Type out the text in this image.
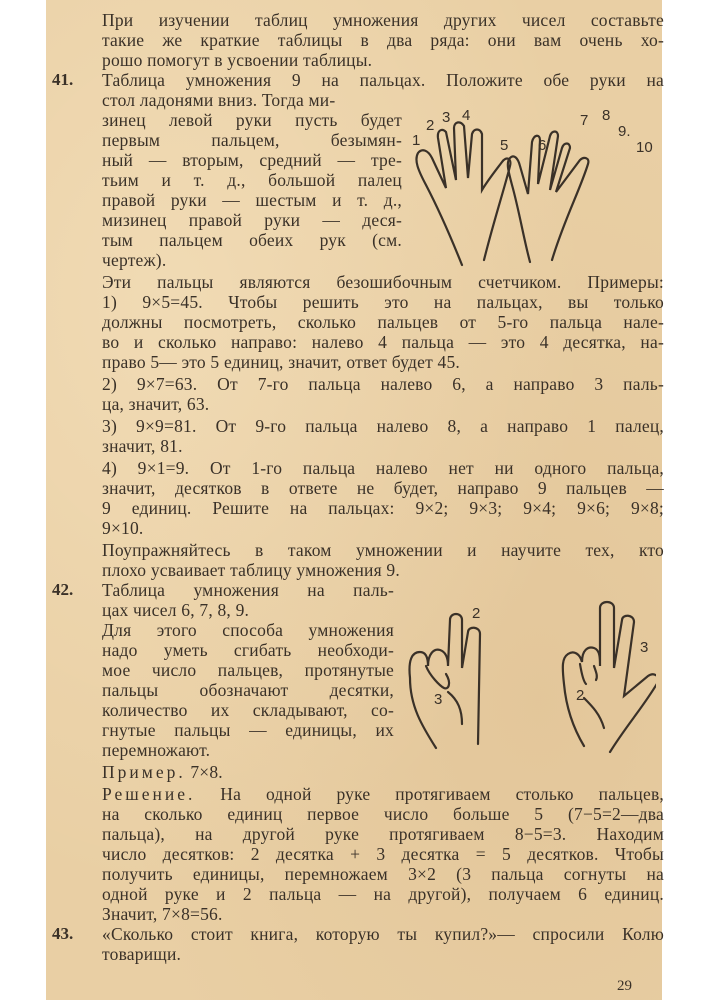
При изучении таблиц умножения других чисел составьте
такие же краткие таблицы в два ряда: они вам очень хо-
рошо помогут в усвоении таблицы.
41. Таблица умножения 9 на пальцах. Положите обе руки на
стол ладонями вниз. Тогда ми-
зинец левой руки пусть будет
первым пальцем, безымян-
ный — вторым, средний — тре-
тьим и т. д., большой палец
правой руки — шестым и т. д.,
мизинец правой руки — деся-
тым пальцем обеих рук (см.
чертеж).
1
2 3 4
5 6
7 8
9.
10
Эти пальцы являются безошибочным счетчиком. Примеры:
1) 9×5=45. Чтобы решить это на пальцах, вы только
должны посмотреть, сколько пальцев от 5-го пальца нале-
во и сколько направо: налево 4 пальца — это 4 десятка, на-
право 5— это 5 единиц, значит, ответ будет 45.
2) 9×7=63. От 7-го пальца налево 6, а направо 3 паль-
ца, значит, 63.
3) 9×9=81. От 9-го пальца налево 8, а направо 1 палец,
значит, 81.
4) 9×1=9. От 1-го пальца налево нет ни одного пальца,
значит, десятков в ответе не будет, направо 9 пальцев —
9 единиц. Решите на пальцах: 9×2; 9×3; 9×4; 9×6; 9×8;
9×10.
Поупражняйтесь в таком умножении и научите тех, кто
плохо усваивает таблицу умножения 9.
42. Таблица умножения на паль-
цах чисел 6, 7, 8, 9.
Для этого способа умножения
надо уметь сгибать необходи-
мое число пальцев, протянутые
пальцы обозначают десятки,
количество их складывают, со-
гнутые пальцы — единицы, их
перемножают.
Пример. 7×8.
2
3
3
2
Решение. На одной руке протягиваем столько пальцев,
на сколько единиц первое число больше 5 (7−5=2—два
пальца), на другой руке протягиваем 8−5=3. Находим
число десятков: 2 десятка + 3 десятка = 5 десятков. Чтобы
получить единицы, перемножаем 3×2 (3 пальца согнуты на
одной руке и 2 пальца — на другой), получаем 6 единиц.
Значит, 7×8=56.
43. «Сколько стоит книга, которую ты купил?»— спросили Колю
товарищи.
29
